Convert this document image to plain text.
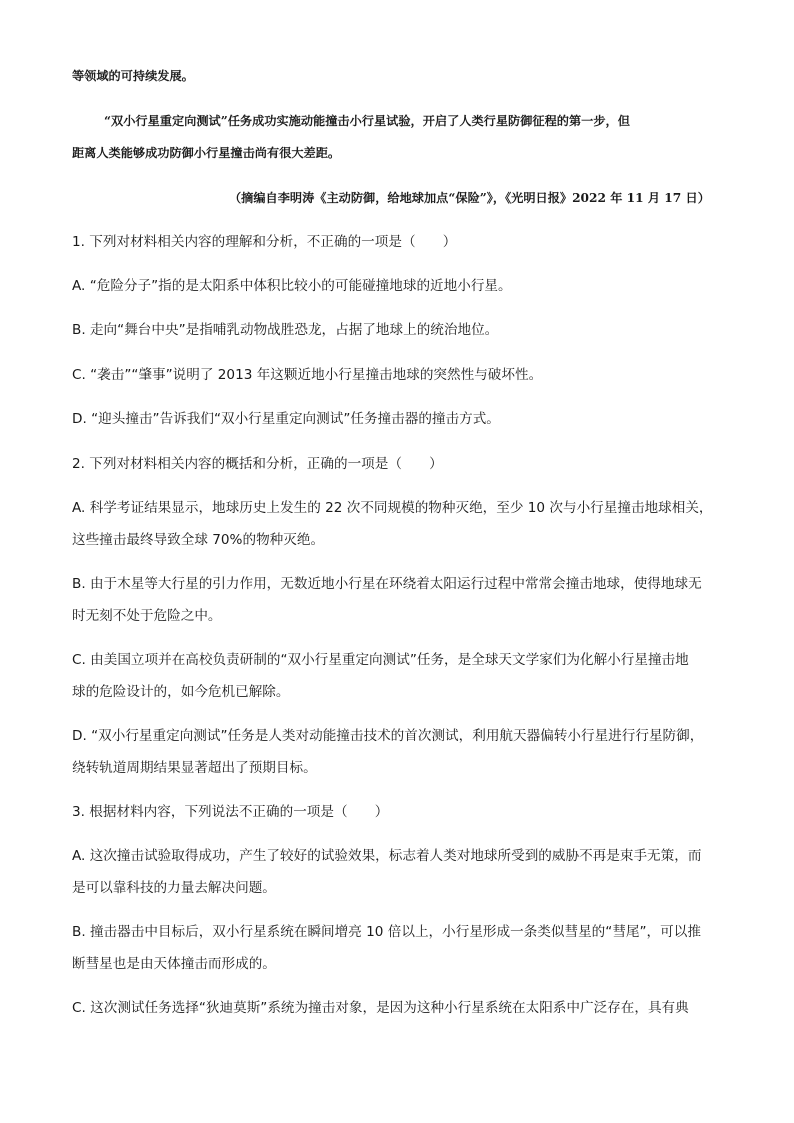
等领域的可持续发展。
“双小行星重定向测试”任务成功实施动能撞击小行星试验，开启了人类行星防御征程的第一步，但
距离人类能够成功防御小行星撞击尚有很大差距。
（摘编自李明涛《主动防御，给地球加点“保险”》，《光明日报》2022 年 11 月 17 日）
1. 下列对材料相关内容的理解和分析，不正确的一项是（　　）
A. “危险分子”指的是太阳系中体积比较小的可能碰撞地球的近地小行星。
B. 走向“舞台中央”是指哺乳动物战胜恐龙，占据了地球上的统治地位。
C. “袭击”“肇事”说明了 2013 年这颗近地小行星撞击地球的突然性与破坏性。
D. “迎头撞击”告诉我们“双小行星重定向测试”任务撞击器的撞击方式。
2. 下列对材料相关内容的概括和分析，正确的一项是（　　）
A. 科学考证结果显示，地球历史上发生的 22 次不同规模的物种灭绝，至少 10 次与小行星撞击地球相关，
这些撞击最终导致全球 70%的物种灭绝。
B. 由于木星等大行星的引力作用，无数近地小行星在环绕着太阳运行过程中常常会撞击地球，使得地球无
时无刻不处于危险之中。
C. 由美国立项并在高校负责研制的“双小行星重定向测试”任务，是全球天文学家们为化解小行星撞击地
球的危险设计的，如今危机已解除。
D. “双小行星重定向测试”任务是人类对动能撞击技术的首次测试，利用航天器偏转小行星进行行星防御，
绕转轨道周期结果显著超出了预期目标。
3. 根据材料内容，下列说法不正确的一项是（　　）
A. 这次撞击试验取得成功，产生了较好的试验效果，标志着人类对地球所受到的威胁不再是束手无策，而
是可以靠科技的力量去解决问题。
B. 撞击器击中目标后，双小行星系统在瞬间增亮 10 倍以上，小行星形成一条类似彗星的“彗尾”，可以推
断彗星也是由天体撞击而形成的。
C. 这次测试任务选择“狄迪莫斯”系统为撞击对象，是因为这种小行星系统在太阳系中广泛存在，具有典
